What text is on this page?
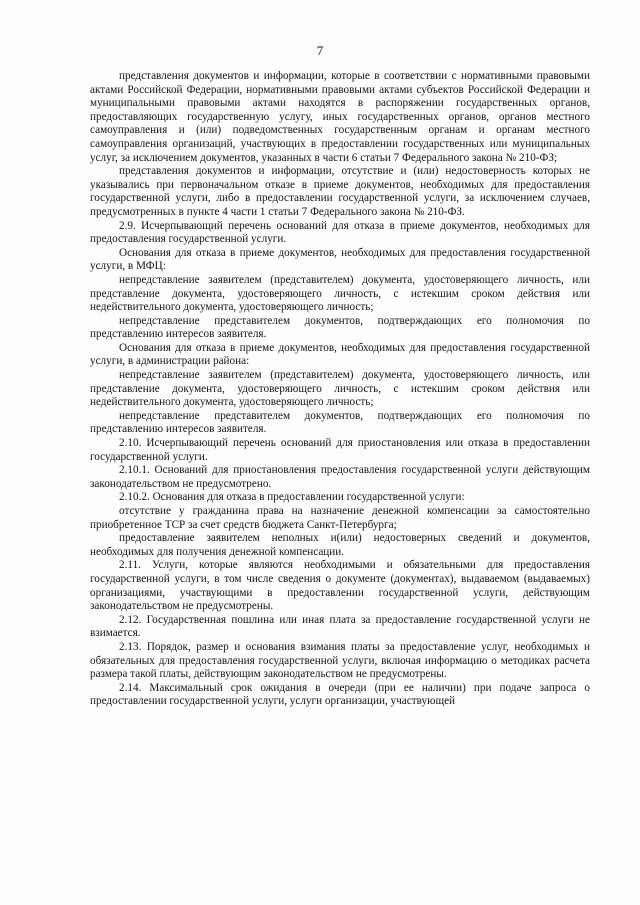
7

представления документов и информации, которые в соответствии с нормативными правовыми актами Российской Федерации, нормативными правовыми актами субъектов Российской Федерации и муниципальными правовыми актами находятся в распоряжении государственных органов, предоставляющих государственную услугу, иных государственных органов, органов местного самоуправления и (или) подведомственных государственным органам и органам местного самоуправления организаций, участвующих в предоставлении государственных или муниципальных услуг, за исключением документов, указанных в части 6 статьи 7 Федерального закона № 210-ФЗ;

представления документов и информации, отсутствие и (или) недостоверность которых не указывались при первоначальном отказе в приеме документов, необходимых для предоставления государственной услуги, либо в предоставлении государственной услуги, за исключением случаев, предусмотренных в пункте 4 части 1 статьи 7 Федерального закона № 210-ФЗ.

2.9. Исчерпывающий перечень оснований для отказа в приеме документов, необходимых для предоставления государственной услуги.

Основания для отказа в приеме документов, необходимых для предоставления государственной услуги, в МФЦ:

непредставление заявителем (представителем) документа, удостоверяющего личность, или представление документа, удостоверяющего личность, с истекшим сроком действия или недействительного документа, удостоверяющего личность;

непредставление представителем документов, подтверждающих его полномочия по представлению интересов заявителя.

Основания для отказа в приеме документов, необходимых для предоставления государственной услуги, в администрации района:

непредставление заявителем (представителем) документа, удостоверяющего личность, или представление документа, удостоверяющего личность, с истекшим сроком действия или недействительного документа, удостоверяющего личность;

непредставление представителем документов, подтверждающих его полномочия по представлению интересов заявителя.

2.10. Исчерпывающий перечень оснований для приостановления или отказа в предоставлении государственной услуги.

2.10.1. Оснований для приостановления предоставления государственной услуги действующим законодательством не предусмотрено.

2.10.2. Основания для отказа в предоставлении государственной услуги:

отсутствие у гражданина права на назначение денежной компенсации за самостоятельно приобретенное ТСР за счет средств бюджета Санкт-Петербурга;

предоставление заявителем неполных и(или) недостоверных сведений и документов, необходимых для получения денежной компенсации.

2.11. Услуги, которые являются необходимыми и обязательными для предоставления государственной услуги, в том числе сведения о документе (документах), выдаваемом (выдаваемых) организациями, участвующими в предоставлении государственной услуги, действующим законодательством не предусмотрены.

2.12. Государственная пошлина или иная плата за предоставление государственной услуги не взимается.

2.13. Порядок, размер и основания взимания платы за предоставление услуг, необходимых и обязательных для предоставления государственной услуги, включая информацию о методиках расчета размера такой платы, действующим законодательством не предусмотрены.

2.14. Максимальный срок ожидания в очереди (при ее наличии) при подаче запроса о предоставлении государственной услуги, услуги организации, участвующей
